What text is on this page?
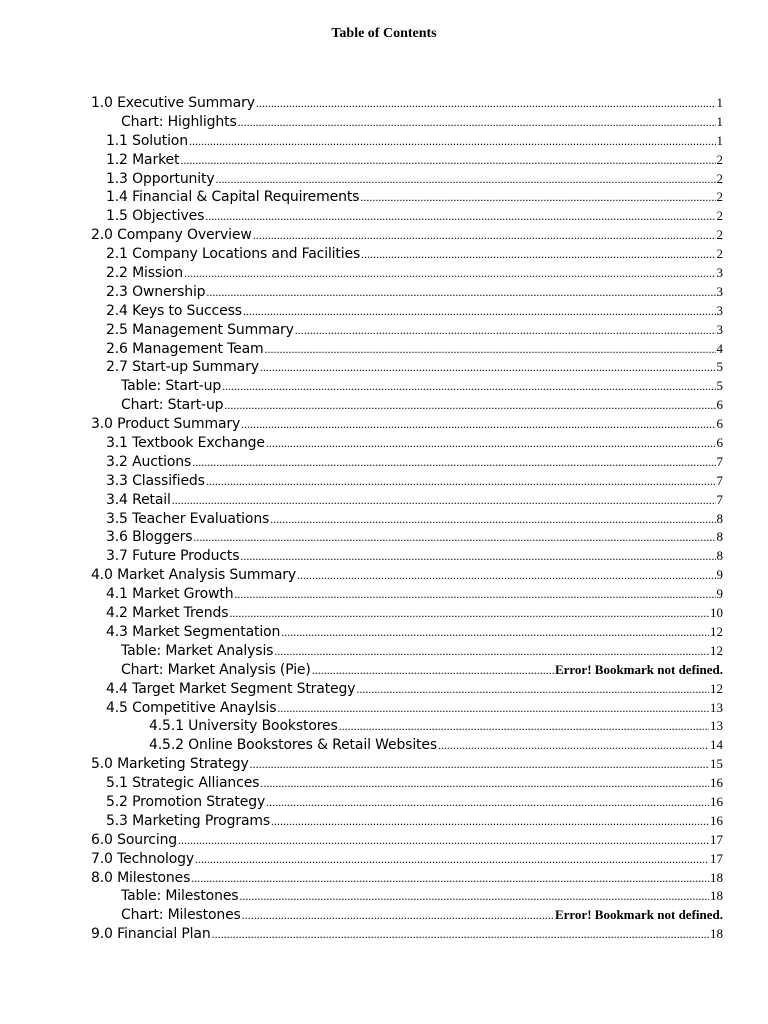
Table of Contents
1.0 Executive Summary .....	1
Chart: Highlights .....	1
1.1 Solution .....	1
1.2 Market .....	2
1.3 Opportunity .....	2
1.4 Financial & Capital Requirements .....	2
1.5 Objectives .....	2
2.0 Company Overview .....	2
2.1 Company Locations and Facilities .....	2
2.2 Mission .....	3
2.3 Ownership .....	3
2.4 Keys to Success .....	3
2.5 Management Summary .....	3
2.6 Management Team .....	4
2.7 Start-up Summary .....	5
Table: Start-up .....	5
Chart: Start-up .....	6
3.0 Product Summary .....	6
3.1 Textbook Exchange .....	6
3.2 Auctions .....	7
3.3 Classifieds .....	7
3.4 Retail .....	7
3.5 Teacher Evaluations .....	8
3.6 Bloggers .....	8
3.7 Future Products .....	8
4.0 Market Analysis Summary .....	9
4.1 Market Growth .....	9
4.2 Market Trends .....	10
4.3 Market Segmentation .....	12
Table: Market Analysis .....	12
Chart: Market Analysis (Pie) .....	Error! Bookmark not defined.
4.4 Target Market Segment Strategy .....	12
4.5 Competitive Anaylsis .....	13
4.5.1 University Bookstores .....	13
4.5.2 Online Bookstores & Retail Websites .....	14
5.0 Marketing Strategy .....	15
5.1 Strategic Alliances .....	16
5.2 Promotion Strategy .....	16
5.3 Marketing Programs .....	16
6.0 Sourcing .....	17
7.0 Technology .....	17
8.0 Milestones .....	18
Table: Milestones .....	18
Chart: Milestones .....	Error! Bookmark not defined.
9.0 Financial Plan .....	18
